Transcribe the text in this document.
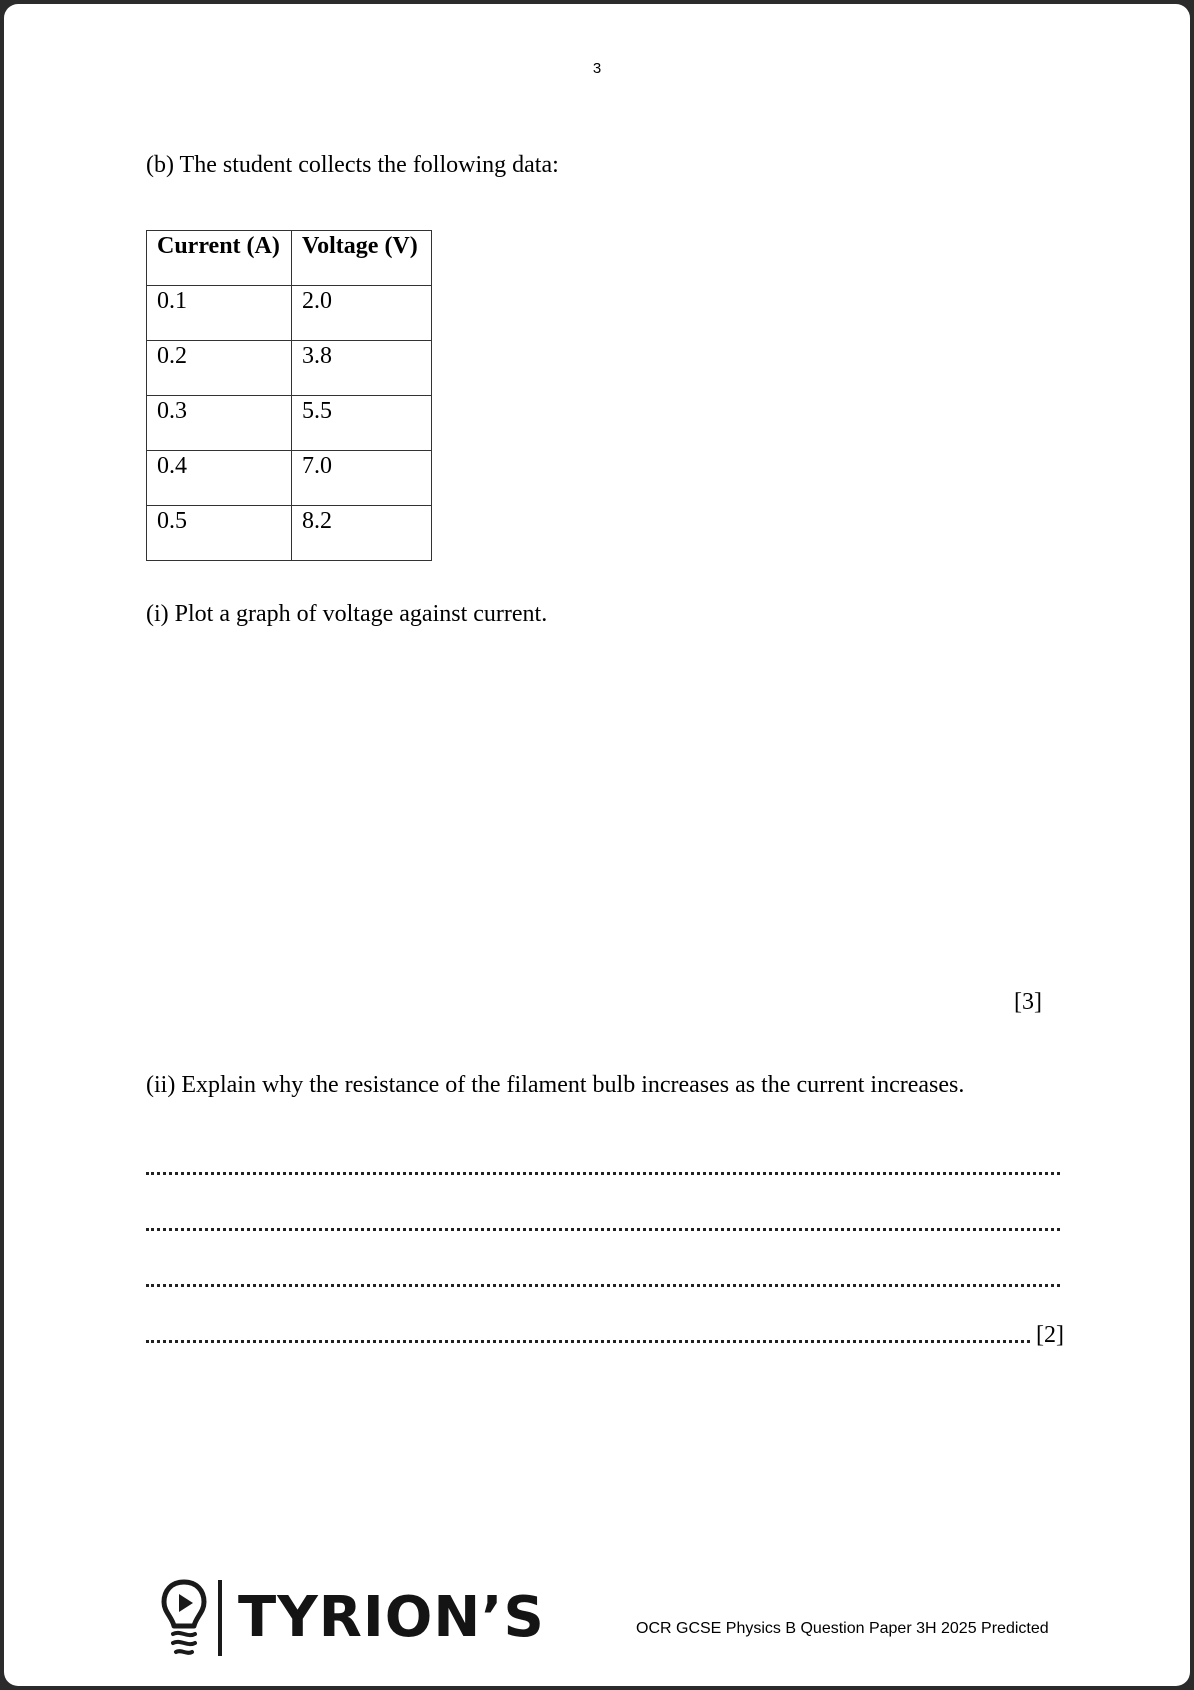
3
(b) The student collects the following data:
Current (A)	Voltage (V)
0.1	2.0
0.2	3.8
0.3	5.5
0.4	7.0
0.5	8.2
(i) Plot a graph of voltage against current.
[3]
(ii) Explain why the resistance of the filament bulb increases as the current increases.
[2]
TYRION’S	OCR GCSE Physics B Question Paper 3H 2025 Predicted
